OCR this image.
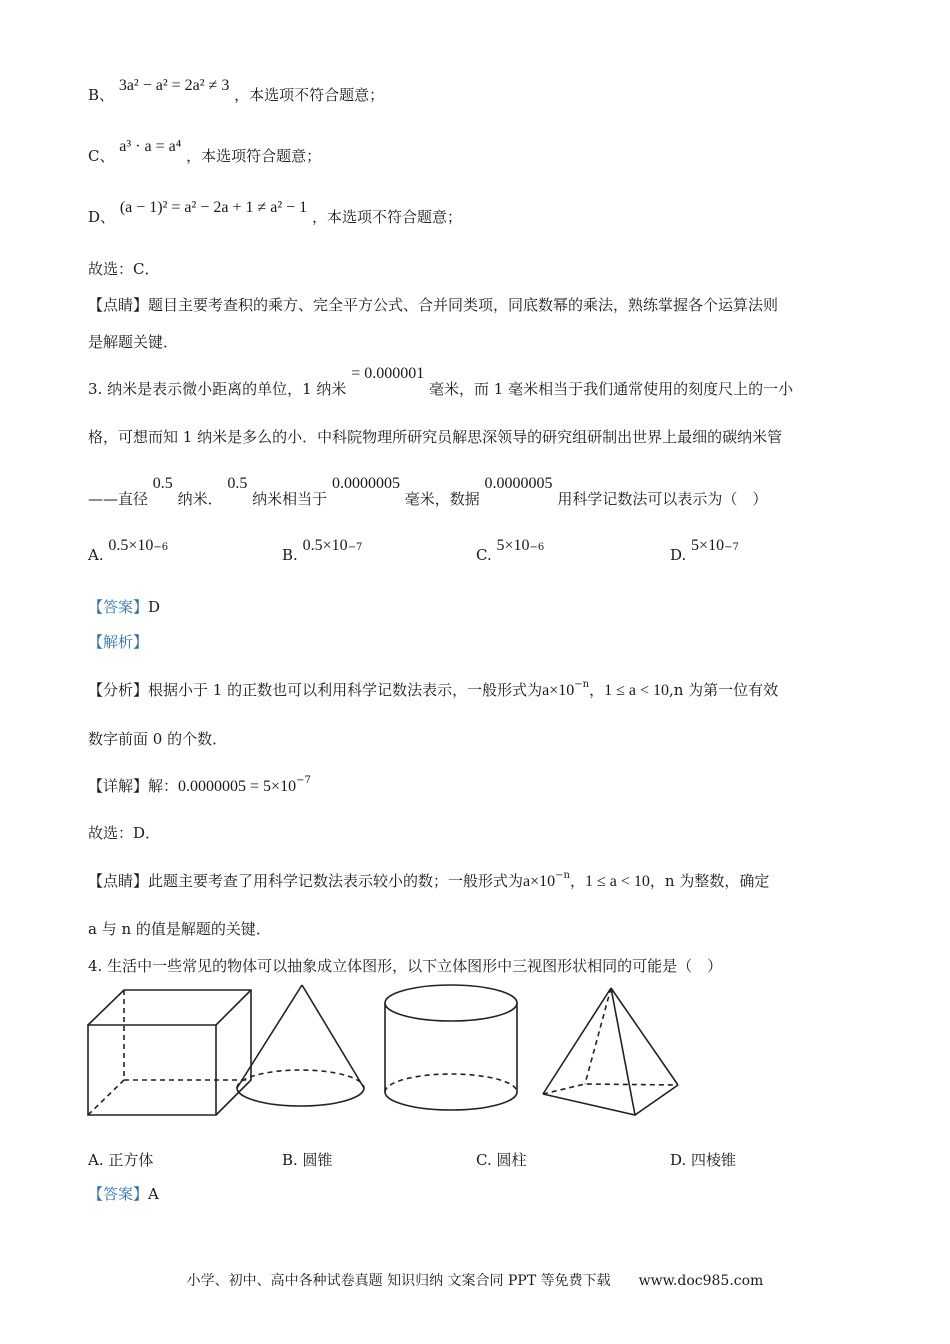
B、 3a² − a² = 2a² ≠ 3 ，本选项不符合题意；
C、 a³ · a = a⁴ ，本选项符合题意；
D、 (a − 1)² = a² − 2a + 1 ≠ a² − 1 ，本选项不符合题意；
故选：C．
【点睛】题目主要考查积的乘方、完全平方公式、合并同类项，同底数幂的乘法，熟练掌握各个运算法则
是解题关键．
3. 纳米是表示微小距离的单位，1 纳米 = 0.000001 毫米，而 1 毫米相当于我们通常使用的刻度尺上的一小
格，可想而知 1 纳米是多么的小．中科院物理所研究员解思深领导的研究组研制出世界上最细的碳纳米管
——直径 0.5 纳米． 0.5 纳米相当于 0.0000005 毫米，数据 0.0000005 用科学记数法可以表示为（　）
A. $0.5\times 10^{-6}$	B. $0.5\times 10^{-7}$	C. $5\times 10^{-6}$	D. $5\times 10^{-7}$
【答案】D
【解析】
【分析】根据小于 1 的正数也可以利用科学记数法表示，一般形式为$a\times 10^{-n}$，1 ≤ a < 10,n 为第一位有效
数字前面 0 的个数．
【详解】解：$0.0000005 = 5\times 10^{-7}$
故选：D．
【点睛】此题主要考查了用科学记数法表示较小的数；一般形式为$a\times 10^{-n}$，1 ≤ a < 10，n 为整数，确定
a 与 n 的值是解题的关键．
4. 生活中一些常见的物体可以抽象成立体图形，以下立体图形中三视图形状相同的可能是（　）
A. 正方体	B. 圆锥	C. 圆柱	D. 四棱锥
【答案】A
小学、初中、高中各种试卷真题 知识归纳 文案合同 PPT 等免费下载　　www.doc985.com
